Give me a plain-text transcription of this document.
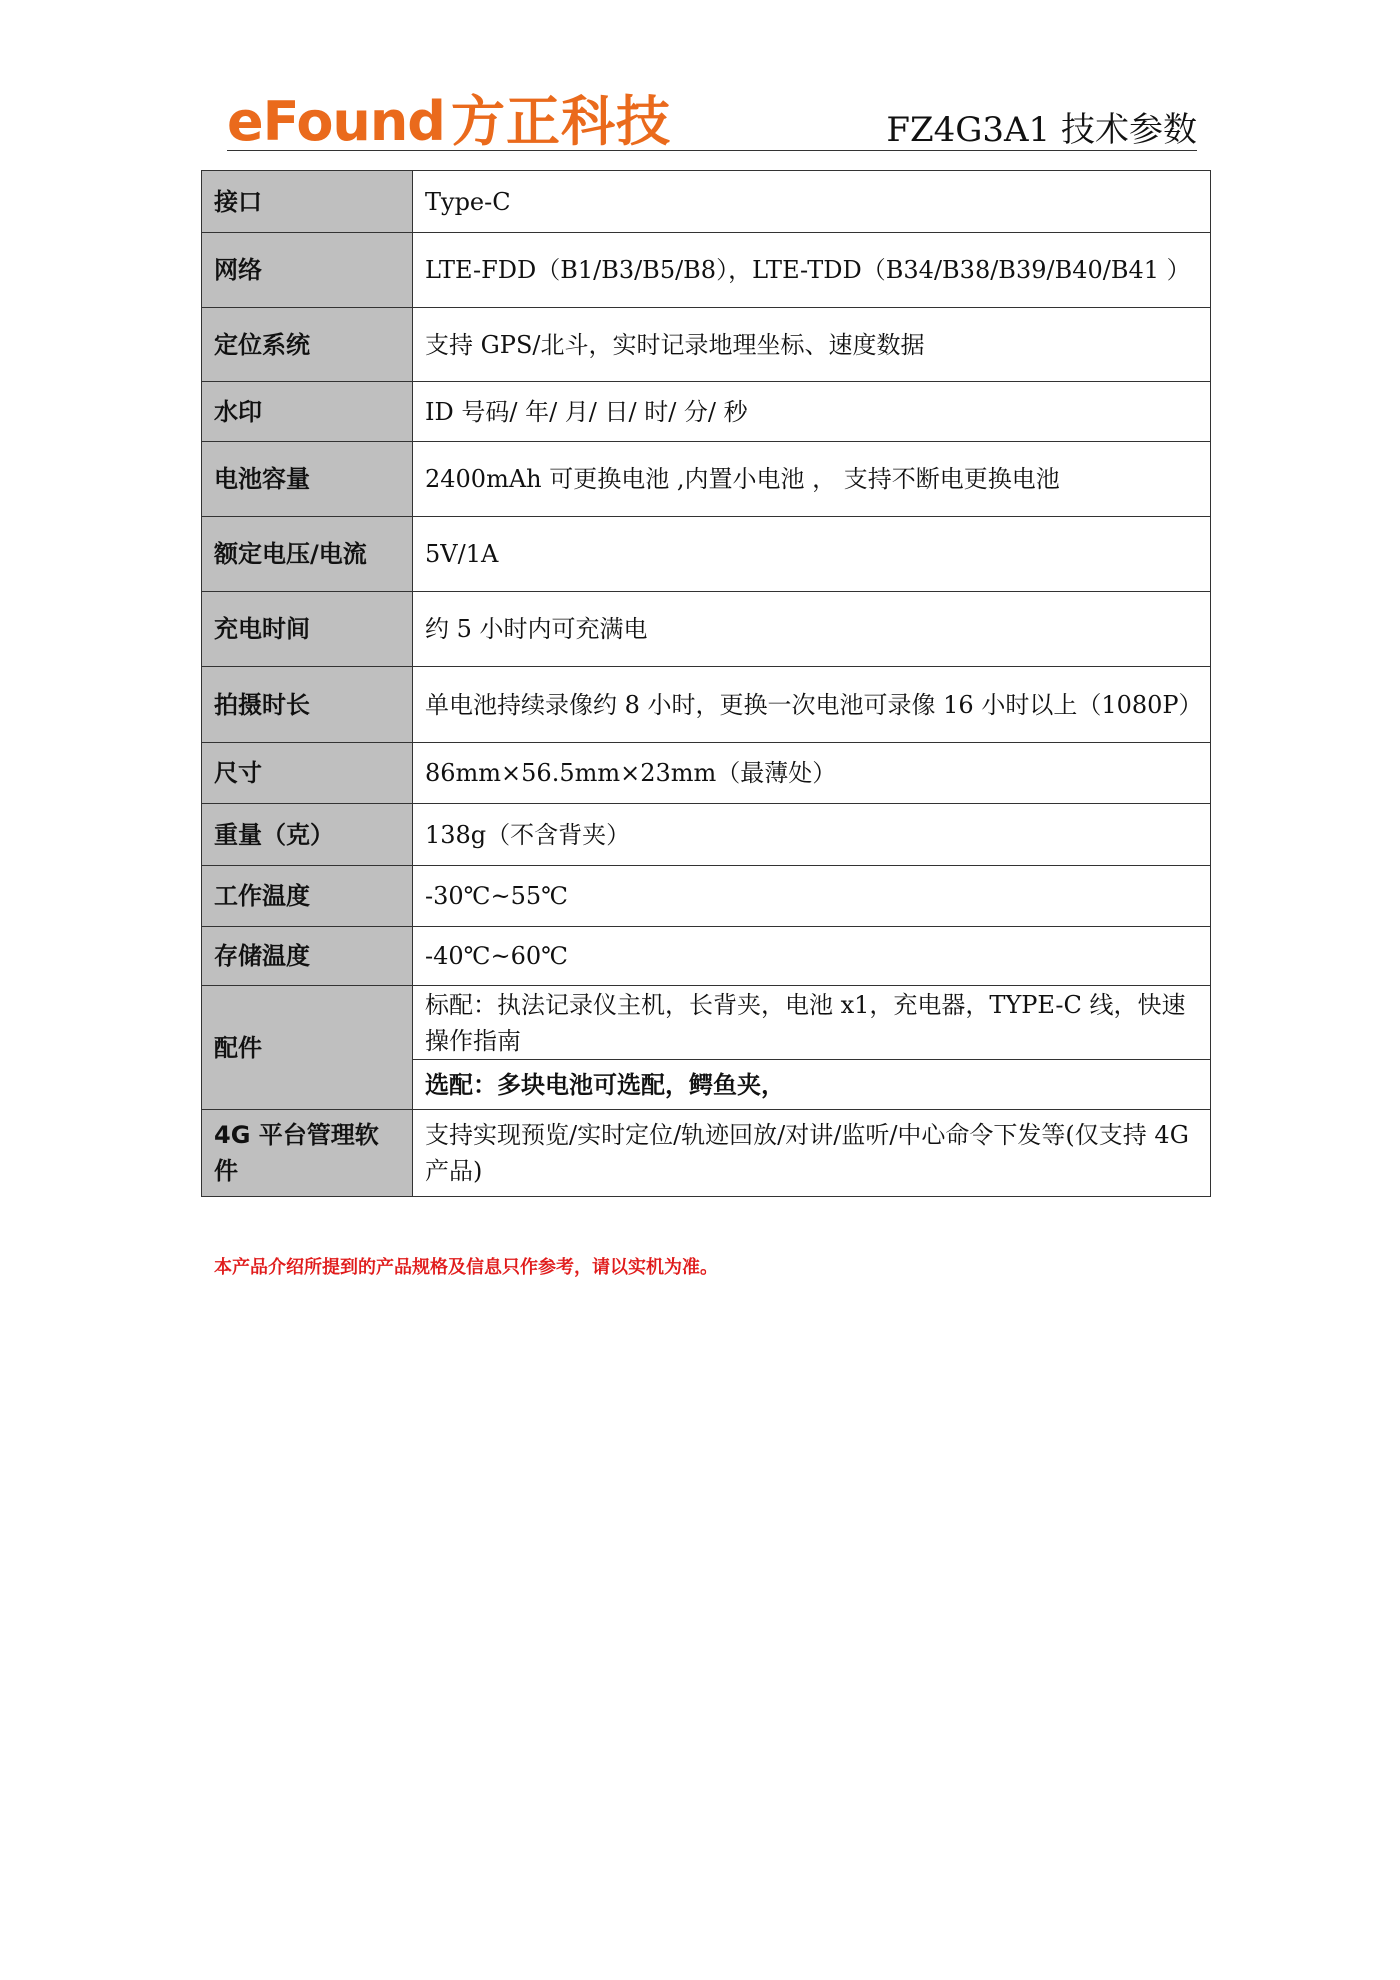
eFound 方正科技	FZ4G3A1 技术参数
接口	Type-C
网络	LTE-FDD（B1/B3/B5/B8），LTE-TDD（B34/B38/B39/B40/B41 ）
定位系统	支持 GPS/北斗，实时记录地理坐标、速度数据
水印	ID 号码/ 年/ 月/ 日/ 时/ 分/ 秒
电池容量	2400mAh 可更换电池 ,内置小电池 ， 支持不断电更换电池
额定电压/电流	5V/1A
充电时间	约 5 小时内可充满电
拍摄时长	单电池持续录像约 8 小时，更换一次电池可录像 16 小时以上（1080P）
尺寸	86mm×56.5mm×23mm（最薄处）
重量（克）	138g（不含背夹）
工作温度	-30℃~55℃
存储温度	-40℃~60℃
配件	标配：执法记录仪主机，长背夹，电池 x1，充电器，TYPE-C 线，快速操作指南
	选配：多块电池可选配，鳄鱼夹，
4G 平台管理软件	支持实现预览/实时定位/轨迹回放/对讲/监听/中心命令下发等(仅支持 4G 产品)
本产品介绍所提到的产品规格及信息只作参考，请以实机为准。
